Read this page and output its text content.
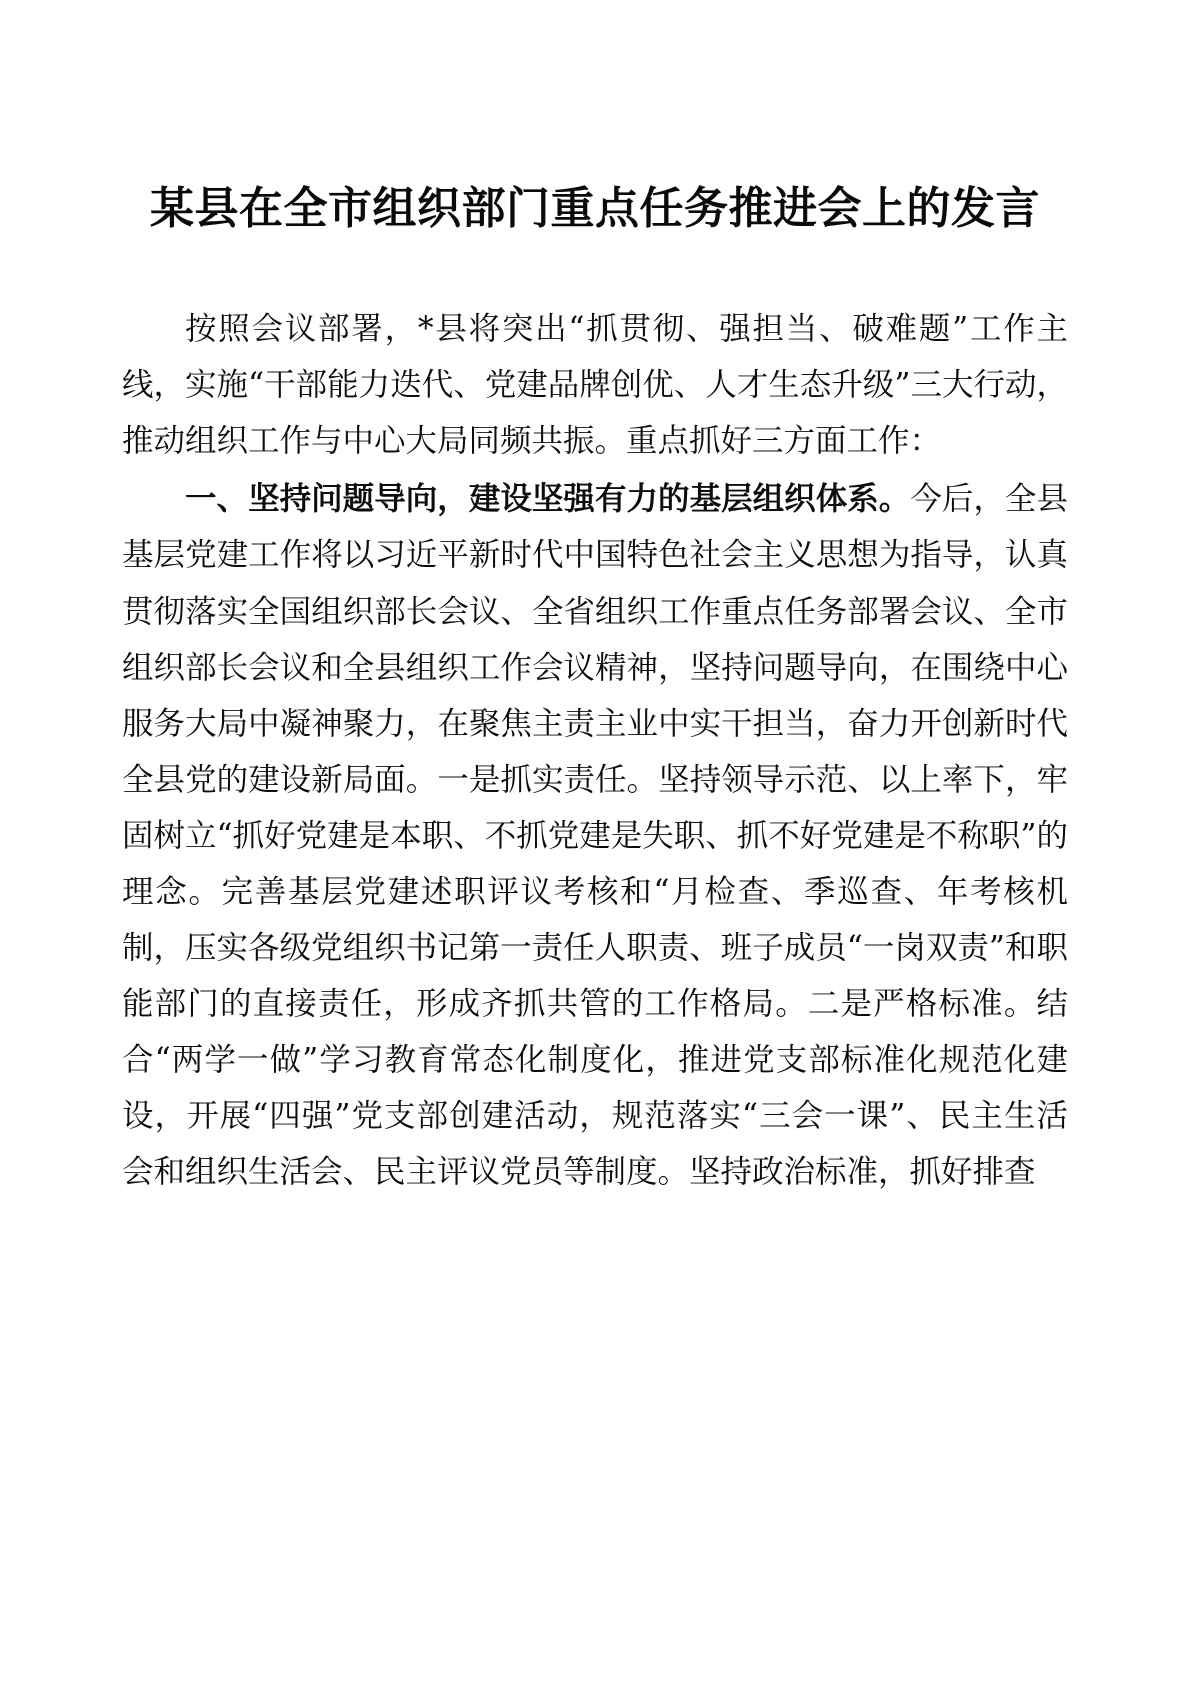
某县在全市组织部门重点任务推进会上的发言

按照会议部署，*县将突出“抓贯彻、强担当、破难题”工作主线，实施“干部能力迭代、党建品牌创优、人才生态升级”三大行动，推动组织工作与中心大局同频共振。重点抓好三方面工作：

一、坚持问题导向，建设坚强有力的基层组织体系。今后，全县基层党建工作将以习近平新时代中国特色社会主义思想为指导，认真贯彻落实全国组织部长会议、全省组织工作重点任务部署会议、全市组织部长会议和全县组织工作会议精神，坚持问题导向，在围绕中心服务大局中凝神聚力，在聚焦主责主业中实干担当，奋力开创新时代全县党的建设新局面。一是抓实责任。坚持领导示范、以上率下，牢固树立“抓好党建是本职、不抓党建是失职、抓不好党建是不称职”的理念。完善基层党建述职评议考核和“月检查、季巡查、年考核机制，压实各级党组织书记第一责任人职责、班子成员“一岗双责”和职能部门的直接责任，形成齐抓共管的工作格局。二是严格标准。结合“两学一做”学习教育常态化制度化，推进党支部标准化规范化建设，开展“四强”党支部创建活动，规范落实“三会一课”、民主生活会和组织生活会、民主评议党员等制度。坚持政治标准，抓好排查
